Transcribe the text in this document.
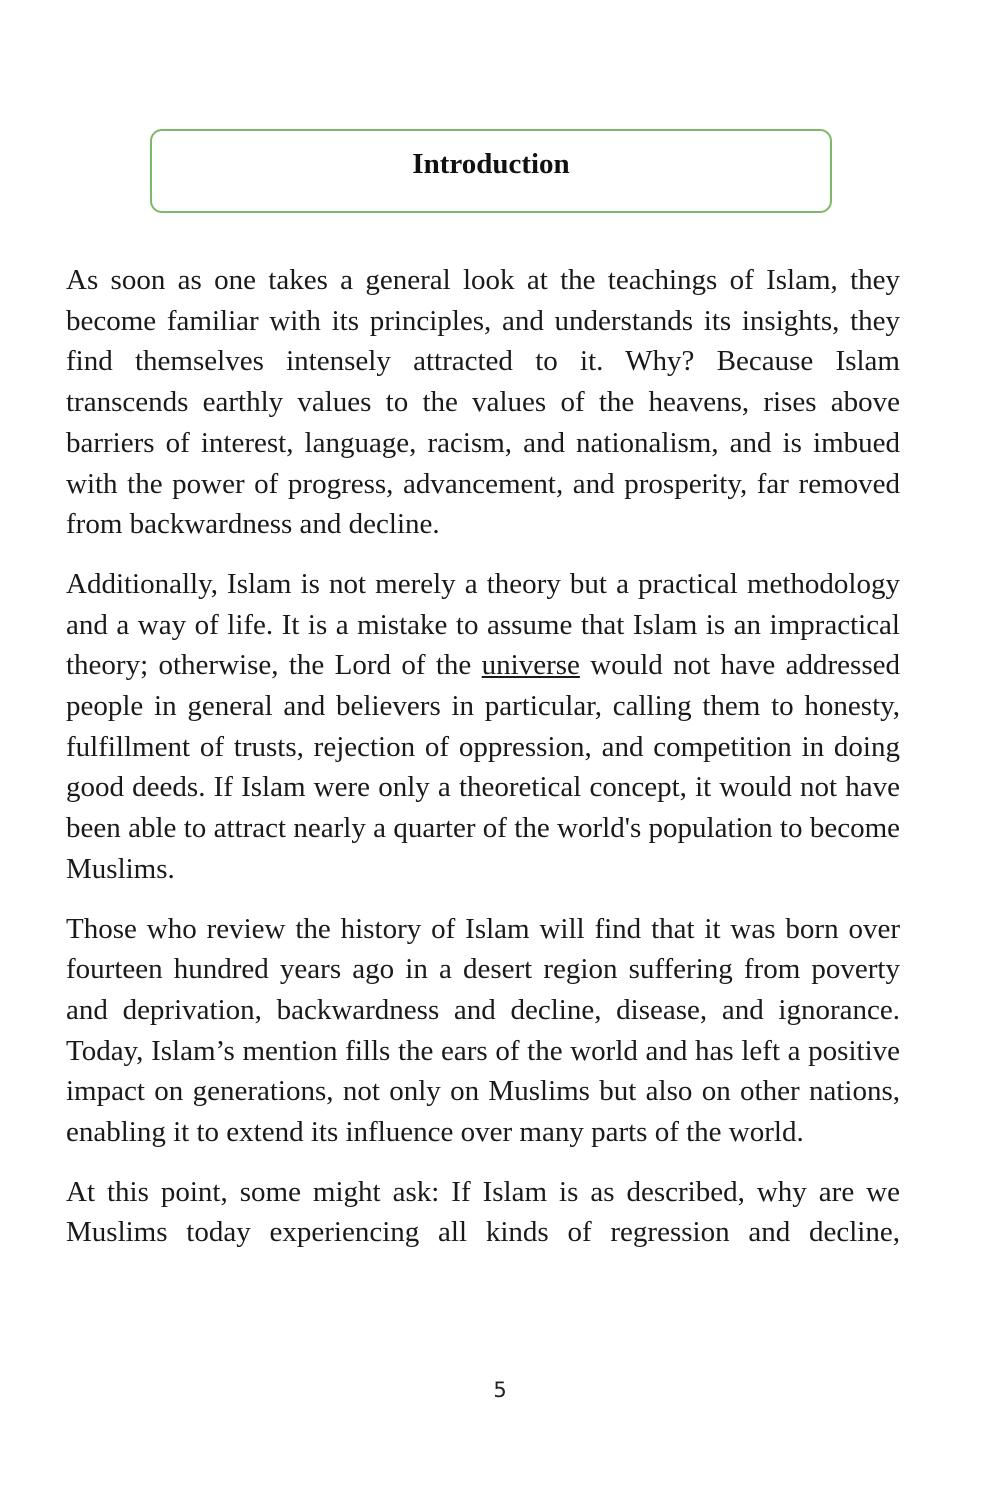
Introduction

As soon as one takes a general look at the teachings of Islam, they become familiar with its principles, and understands its insights, they find themselves intensely attracted to it. Why? Because Islam transcends earthly values to the values of the heavens, rises above barriers of interest, language, racism, and nationalism, and is imbued with the power of progress, advancement, and prosperity, far removed from backwardness and decline.

Additionally, Islam is not merely a theory but a practical methodology and a way of life. It is a mistake to assume that Islam is an impractical theory; otherwise, the Lord of the universe would not have addressed people in general and believers in particular, calling them to honesty, fulfillment of trusts, rejection of oppression, and competition in doing good deeds. If Islam were only a theoretical concept, it would not have been able to attract nearly a quarter of the world's population to become Muslims.

Those who review the history of Islam will find that it was born over fourteen hundred years ago in a desert region suffering from poverty and deprivation, backwardness and decline, disease, and ignorance. Today, Islam’s mention fills the ears of the world and has left a positive impact on generations, not only on Muslims but also on other nations, enabling it to extend its influence over many parts of the world.

At this point, some might ask: If Islam is as described, why are we Muslims today experiencing all kinds of regression and decline,

5
